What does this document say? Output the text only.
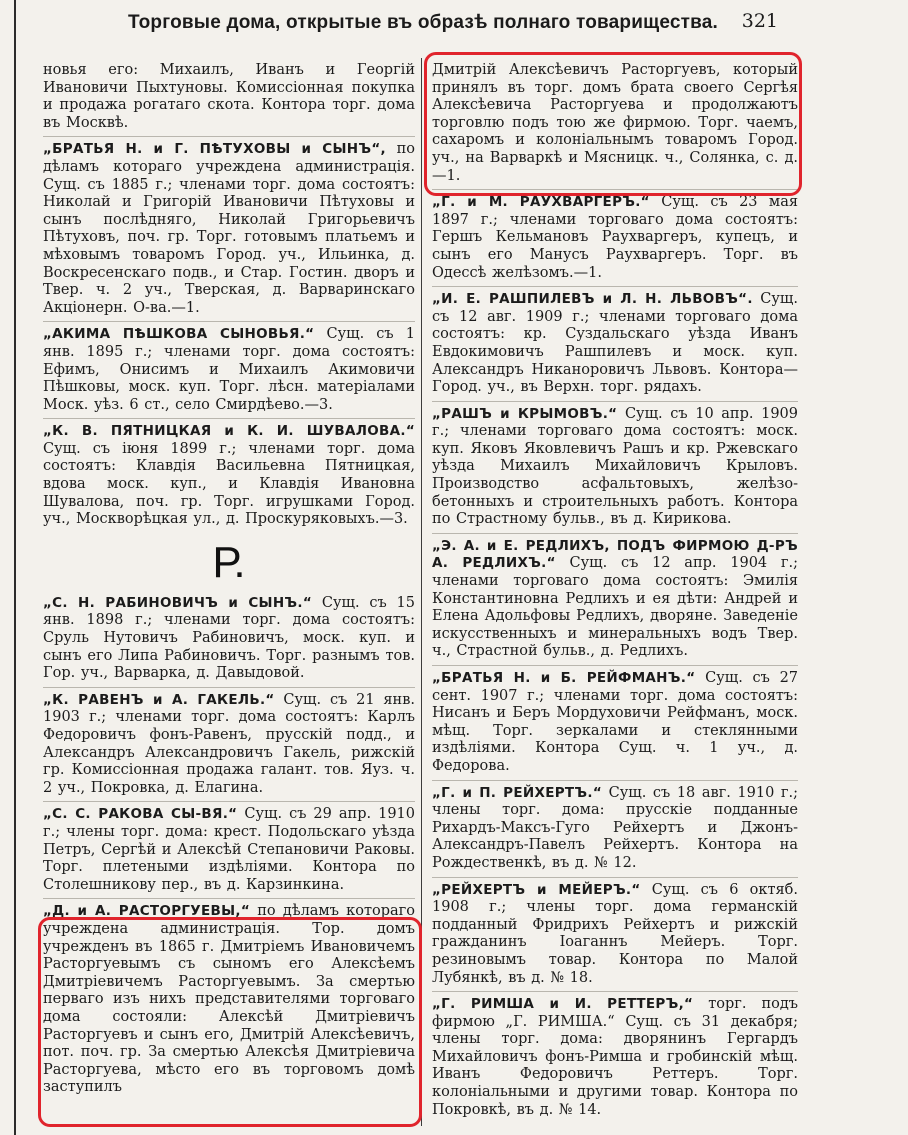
Торговые дома, открытые въ образѣ полнаго товарищества. 321

новья его: Михаилъ, Иванъ и Георгій Ивановичи Пыхтуновы. Комиссіонная покупка и продажа рогатаго скота. Контора торг. дома въ Москвѣ.

„БРАТЬЯ Н. и Г. ПѢТУХОВЫ и СЫНЪ“, по дѣламъ котораго учреждена администрація. Сущ. съ 1885 г.; членами торг. дома состоятъ: Николай и Григорій Ивановичи Пѣтуховы и сынъ послѣдняго, Николай Григорьевичъ Пѣтуховъ, поч. гр. Торг. готовымъ платьемъ и мѣховымъ товаромъ Город. уч., Ильинка, д. Воскресенскаго подв., и Стар. Гостин. дворъ и Твер. ч. 2 уч., Тверская, д. Варваринскаго Акціонерн. О-ва.—1.

„АКИМА ПѢШКОВА СЫНОВЬЯ.“ Сущ. съ 1 янв. 1895 г.; членами торг. дома состоятъ: Ефимъ, Онисимъ и Михаилъ Акимовичи Пѣшковы, моск. куп. Торг. лѣсн. матеріалами Моск. уѣз. 6 ст., село Смирдѣево.—3.

„К. В. ПЯТНИЦКАЯ и К. И. ШУВАЛОВА.“ Сущ. съ іюня 1899 г.; членами торг. дома состоятъ: Клавдія Васильевна Пятницкая, вдова моск. куп., и Клавдія Ивановна Шувалова, поч. гр. Торг. игрушками Город. уч., Москворѣцкая ул., д. Проскуряковыхъ.—3.

Р.

„С. Н. РАБИНОВИЧЪ и СЫНЪ.“ Сущ. съ 15 янв. 1898 г.; членами торг. дома состоятъ: Сруль Нутовичъ Рабиновичъ, моск. куп. и сынъ его Липа Рабиновичъ. Торг. разнымъ тов. Гор. уч., Варварка, д. Давыдовой.

„К. РАВЕНЪ и А. ГАКЕЛЬ.“ Сущ. съ 21 янв. 1903 г.; членами торг. дома состоятъ: Карлъ Федоровичъ фонъ-Равенъ, прусскій подд., и Александръ Александровичъ Гакель, рижскій гр. Комиссіонная продажа галант. тов. Яуз. ч. 2 уч., Покровка, д. Елагина.

„С. С. РАКОВА СЫ-ВЯ.“ Сущ. съ 29 апр. 1910 г.; члены торг. дома: крест. Подольскаго уѣзда Петръ, Сергѣй и Алексѣй Степановичи Раковы. Торг. плетеными издѣліями. Контора по Столешникову пер., въ д. Карзинкина.

„Д. и А. РАСТОРГУЕВЫ,“ по дѣламъ котораго учреждена администрація. Тор. домъ учрежденъ въ 1865 г. Дмитріемъ Ивановичемъ Расторгуевымъ съ сыномъ его Алексѣемъ Дмитріевичемъ Расторгуевымъ. За смертью перваго изъ нихъ представителями торговаго дома состояли: Алексѣй Дмитріевичъ Расторгуевъ и сынъ его, Дмитрій Алексѣевичъ, пот. поч. гр. За смертью Алексѣя Дмитріевича Расторгуева, мѣсто его въ торговомъ домѣ заступилъ

Дмитрій Алексѣевичъ Расторгуевъ, который принялъ въ торг. домъ брата своего Сергѣя Алексѣевича Расторгуева и продолжаютъ торговлю подъ тою же фирмою. Торг. чаемъ, сахаромъ и колоніальнымъ товаромъ Город. уч., на Варваркѣ и Мясницк. ч., Солянка, с. д.—1.

„Г. и М. РАУХВАРГЕРЪ.“ Сущ. съ 23 мая 1897 г.; членами торговаго дома состоятъ: Гершъ Кельмановъ Раухваргеръ, купецъ, и сынъ его Манусъ Раухваргеръ. Торг. въ Одессѣ желѣзомъ.—1.

„И. Е. РАШПИЛЕВЪ и Л. Н. ЛЬВОВЪ“. Сущ. съ 12 авг. 1909 г.; членами торговаго дома состоятъ: кр. Суздальскаго уѣзда Иванъ Евдокимовичъ Рашпилевъ и моск. куп. Александръ Никаноровичъ Львовъ. Контора—Город. уч., въ Верхн. торг. рядахъ.

„РАШЪ и КРЫМОВЪ.“ Сущ. съ 10 апр. 1909 г.; членами торговаго дома состоятъ: моск. куп. Яковъ Яковлевичъ Рашъ и кр. Ржевскаго уѣзда Михаилъ Михайловичъ Крыловъ. Производство асфальтовыхъ, желѣзо-бетонныхъ и строительныхъ работъ. Контора по Страстному бульв., въ д. Кирикова.

„Э. А. и Е. РЕДЛИХЪ, ПОДЪ ФИРМОЮ Д-РЪ А. РЕДЛИХЪ.“ Сущ. съ 12 апр. 1904 г.; членами торговаго дома состоятъ: Эмилія Константиновна Редлихъ и ея дѣти: Андрей и Елена Адольфовы Редлихъ, дворяне. Заведеніе искусственныхъ и минеральныхъ водъ Твер. ч., Страстной бульв., д. Редлихъ.

„БРАТЬЯ Н. и Б. РЕЙФМАНЪ.“ Сущ. съ 27 сент. 1907 г.; членами торг. дома состоятъ: Нисанъ и Беръ Мордуховичи Рейфманъ, моск. мѣщ. Торг. зеркалами и стеклянными издѣліями. Контора Сущ. ч. 1 уч., д. Федорова.

„Г. и П. РЕЙХЕРТЪ.“ Сущ. съ 18 авг. 1910 г.; члены торг. дома: прусскіе подданные Рихардъ-Максъ-Гуго Рейхертъ и Джонъ-Александръ-Павелъ Рейхертъ. Контора на Рождественкѣ, въ д. № 12.

„РЕЙХЕРТЪ и МЕЙЕРЪ.“ Сущ. съ 6 октяб. 1908 г.; члены торг. дома германскій подданный Фридрихъ Рейхертъ и рижскій гражданинъ Іоаганнъ Мейеръ. Торг. резиновымъ товар. Контора по Малой Лубянкѣ, въ д. № 18.

„Г. РИМША и И. РЕТТЕРЪ,“ торг. подъ фирмою „Г. РИМША.“ Сущ. съ 31 декабря; члены торг. дома: дворянинъ Гергардъ Михайловичъ фонъ-Римша и гробинскій мѣщ. Иванъ Федоровичъ Реттеръ. Торг. колоніальными и другими товар. Контора по Покровкѣ, въ д. № 14.
